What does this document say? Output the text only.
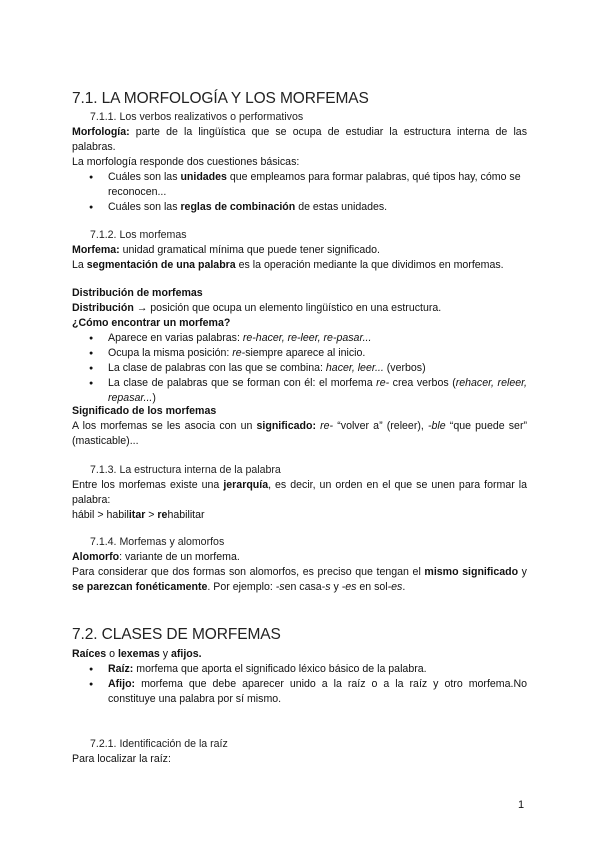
7.1. LA MORFOLOGÍA Y LOS MORFEMAS
7.1.1. Los verbos realizativos o performativos
Morfología: parte de la lingüística que se ocupa de estudiar la estructura interna de las palabras.
La morfología responde dos cuestiones básicas:
● Cuáles son las unidades que empleamos para formar palabras, qué tipos hay, cómo se reconocen...
● Cuáles son las reglas de combinación de estas unidades.
7.1.2. Los morfemas
Morfema: unidad gramatical mínima que puede tener significado.
La segmentación de una palabra es la operación mediante la que dividimos en morfemas.
Distribución de morfemas
Distribución → posición que ocupa un elemento lingüístico en una estructura.
¿Cómo encontrar un morfema?
● Aparece en varias palabras: re-hacer, re-leer, re-pasar...
● Ocupa la misma posición: re-siempre aparece al inicio.
● La clase de palabras con las que se combina: hacer, leer... (verbos)
● La clase de palabras que se forman con él: el morfema re- crea verbos (rehacer, releer, repasar...)
Significado de los morfemas
A los morfemas se les asocia con un significado: re- “volver a” (releer), -ble “que puede ser” (masticable)...
7.1.3. La estructura interna de la palabra
Entre los morfemas existe una jerarquía, es decir, un orden en el que se unen para formar la palabra:
hábil > habilitar > rehabilitar
7.1.4. Morfemas y alomorfos
Alomorfo: variante de un morfema.
Para considerar que dos formas son alomorfos, es preciso que tengan el mismo significado y se parezcan fonéticamente. Por ejemplo: -sen casa-s y -es en sol-es.
7.2. CLASES DE MORFEMAS
Raíces o lexemas y afijos.
● Raíz: morfema que aporta el significado léxico básico de la palabra.
● Afijo: morfema que debe aparecer unido a la raíz o a la raíz y otro morfema.No constituye una palabra por sí mismo.
7.2.1. Identificación de la raíz
Para localizar la raíz:
1
